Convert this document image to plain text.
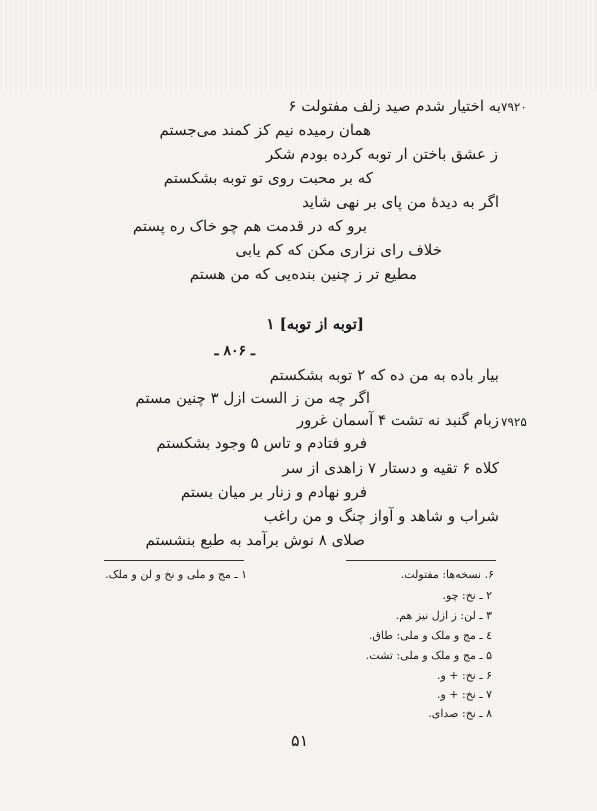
۷۹۲۰
به اختیار شدم صید زلف مفتولت ۶
همان رمیده نیم کز کمند می‌جستم
ز عشق باختن ار توبه کرده بودم شکر
که بر محبت روی تو توبه بشکستم
اگر به دیدهٔ من پای بر نهی شاید
برو که در قدمت هم چو خاک ره پستم
خلاف رای نزاری مکن که کم یابی
مطیع تر ز چنین بنده‌یی که من هستم
[توبه از توبه] ۱
ـ ۸۰۶ ـ
بیار باده به من ده که ۲ توبه بشکستم
اگر چه من ز الست ازل ۳ چنین مستم
۷۹۲۵
زبام گنبد نه تشت ۴ آسمان غرور
فرو فتادم و تاس ۵ وجود بشکستم
کلاه ۶ تقیه و دستار ۷ زاهدی از سر
فرو نهادم و زنار بر میان بستم
شراب و شاهد و آواز چنگ و من راغب
صلای ۸ نوش برآمد به طبع بنشستم
۶. نسخه‌ها: مفتولت.
۱ ـ مج و ملی و نخ و لن و ملک.
۲ ـ نخ: چو.
۳ ـ لن: ز ازل نیز هم.
٤ ـ مج و ملک و ملی: طاق.
۵ ـ مج و ملک و ملی: تشت.
۶ ـ نخ: + و.
۷ ـ نخ: + و.
۸ ـ نخ: صدای.
۵۱
